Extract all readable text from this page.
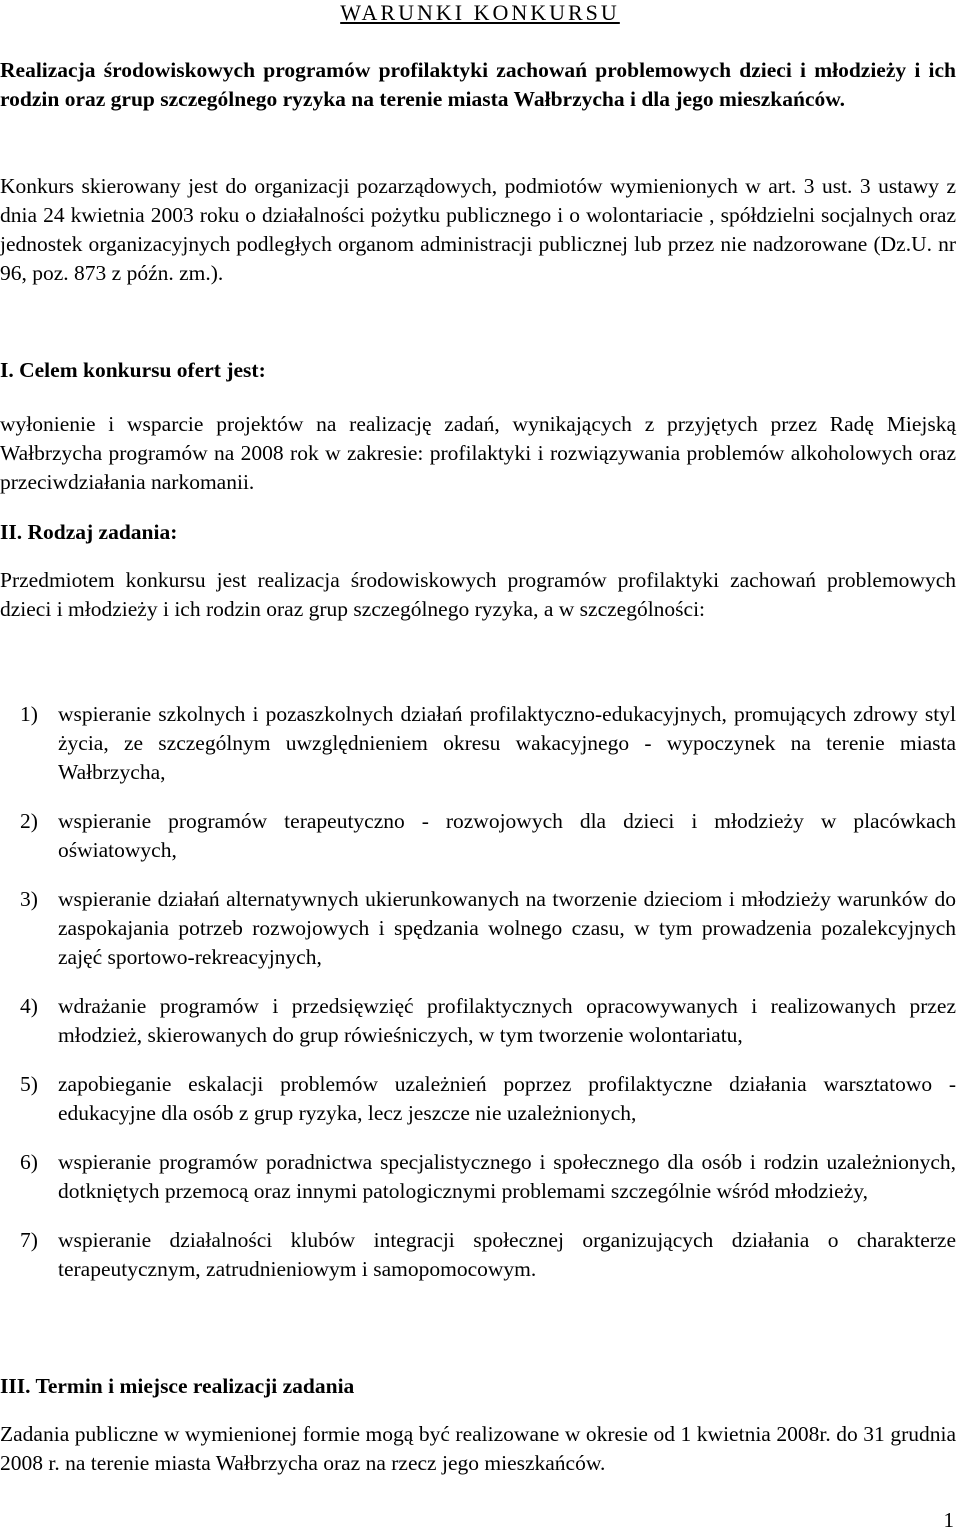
WARUNKI KONKURSU
Realizacja środowiskowych programów profilaktyki zachowań problemowych dzieci i młodzieży i ich rodzin oraz grup szczególnego ryzyka na terenie miasta Wałbrzycha i dla jego mieszkańców.
Konkurs skierowany jest do organizacji pozarządowych, podmiotów wymienionych w art. 3 ust. 3 ustawy z dnia 24 kwietnia 2003 roku o działalności pożytku publicznego i o wolontariacie , spółdzielni socjalnych oraz jednostek organizacyjnych podległych organom administracji publicznej lub przez nie nadzorowane (Dz.U. nr 96, poz. 873 z późn. zm.).
I. Celem konkursu ofert jest:
wyłonienie i wsparcie projektów na realizację zadań, wynikających z przyjętych przez Radę Miejską Wałbrzycha programów na 2008 rok w zakresie: profilaktyki i rozwiązywania problemów alkoholowych oraz przeciwdziałania narkomanii.
II. Rodzaj zadania:
Przedmiotem konkursu jest realizacja środowiskowych programów profilaktyki zachowań problemowych dzieci i młodzieży i ich rodzin oraz grup szczególnego ryzyka, a w szczególności:
1) wspieranie szkolnych i pozaszkolnych działań profilaktyczno-edukacyjnych, promujących zdrowy styl życia, ze szczególnym uwzględnieniem okresu wakacyjnego - wypoczynek na terenie miasta Wałbrzycha,
2) wspieranie programów terapeutyczno - rozwojowych dla dzieci i młodzieży w placówkach oświatowych,
3) wspieranie działań alternatywnych ukierunkowanych na tworzenie dzieciom i młodzieży warunków do zaspokajania potrzeb rozwojowych i spędzania wolnego czasu, w tym prowadzenia pozalekcyjnych zajęć sportowo-rekreacyjnych,
4) wdrażanie programów i przedsięwzięć profilaktycznych opracowywanych i realizowanych przez młodzież, skierowanych do grup rówieśniczych, w tym tworzenie wolontariatu,
5) zapobieganie eskalacji problemów uzależnień poprzez profilaktyczne działania warsztatowo - edukacyjne dla osób z grup ryzyka, lecz jeszcze nie uzależnionych,
6) wspieranie programów poradnictwa specjalistycznego i społecznego dla osób i rodzin uzależnionych, dotkniętych przemocą oraz innymi patologicznymi problemami szczególnie wśród młodzieży,
7) wspieranie działalności klubów integracji społecznej organizujących działania o charakterze terapeutycznym, zatrudnieniowym i samopomocowym.
III. Termin i miejsce realizacji zadania
Zadania publiczne w wymienionej formie mogą być realizowane w okresie od 1 kwietnia 2008r. do 31 grudnia 2008 r. na terenie miasta Wałbrzycha oraz na rzecz jego mieszkańców.
1
